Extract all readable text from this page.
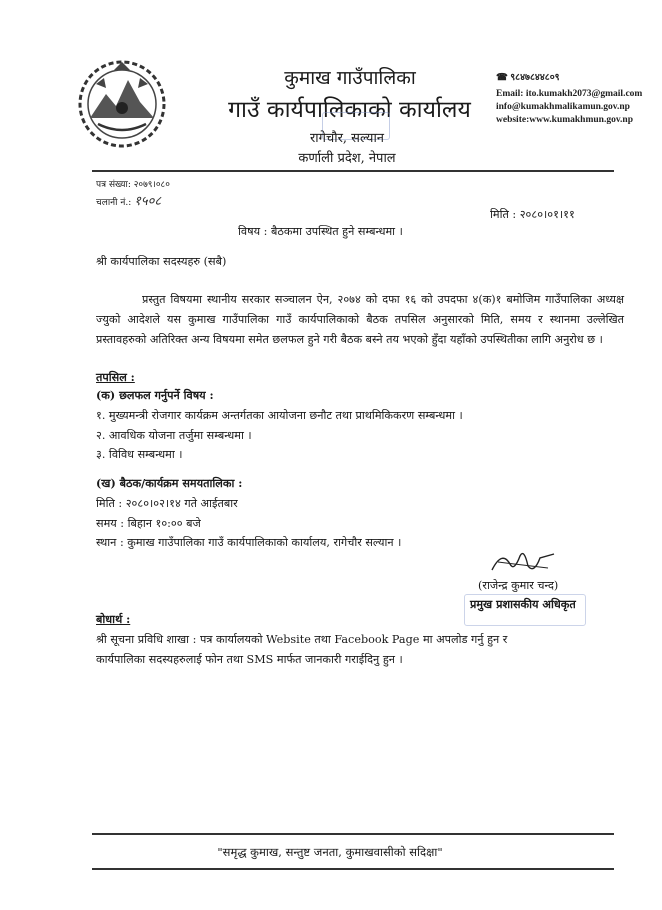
कुमाख गाउँपालिका
गाउँ कार्यपालिकाको कार्यालय
रागेचौर, सल्यान
कर्णाली प्रदेश, नेपाल
☎ ९८४७८४४८०९
Email: ito.kumakh2073@gmail.com
info@kumakhmalikamun.gov.np
website:www.kumakhmun.gov.np
पत्र संख्या: २०७९।०८०
चलानी नं.: १५०८
मिति : २०८०।०१।११
विषय : बैठकमा उपस्थित हुने सम्बन्धमा ।
श्री कार्यपालिका सदस्यहरु (सबै)
प्रस्तुत विषयमा स्थानीय सरकार सञ्चालन ऐन, २०७४ को दफा १६ को उपदफा ४(क)१ बमोजिम गाउँपालिका अध्यक्ष ज्युको आदेशले यस कुमाख गाउँपालिका गाउँ कार्यपालिकाको बैठक तपसिल अनुसारको मिति, समय र स्थानमा उल्लेखित प्रस्तावहरुको अतिरिक्त अन्य विषयमा समेत छलफल हुने गरी बैठक बस्ने तय भएको हुँदा यहाँको उपस्थितीका लागि अनुरोध छ ।
तपसिल :
(क) छलफल गर्नुपर्ने विषय :
१. मुख्यमन्त्री रोजगार कार्यक्रम अन्तर्गतका आयोजना छनौट तथा प्राथमिकिकरण सम्बन्धमा ।
२. आवधिक योजना तर्जुमा सम्बन्धमा ।
३. विविध सम्बन्धमा ।
(ख) बैठक/कार्यक्रम समयतालिका :
मिति : २०८०।०२।१४ गते आईतबार
समय : बिहान १०:०० बजे
स्थान : कुमाख गाउँपालिका गाउँ कार्यपालिकाको कार्यालय, रागेचौर सल्यान ।
(राजेन्द्र कुमार चन्द)
प्रमुख प्रशासकीय अधिकृत
बोधार्थ :
श्री सूचना प्रविधि शाखा : पत्र कार्यालयको Website तथा Facebook Page मा अपलोड गर्नु हुन र
कार्यपालिका सदस्यहरुलाई फोन तथा SMS मार्फत जानकारी गराईदिनु हुन ।
"समृद्ध कुमाख, सन्तुष्ट जनता, कुमाखवासीको सदिक्षा"
